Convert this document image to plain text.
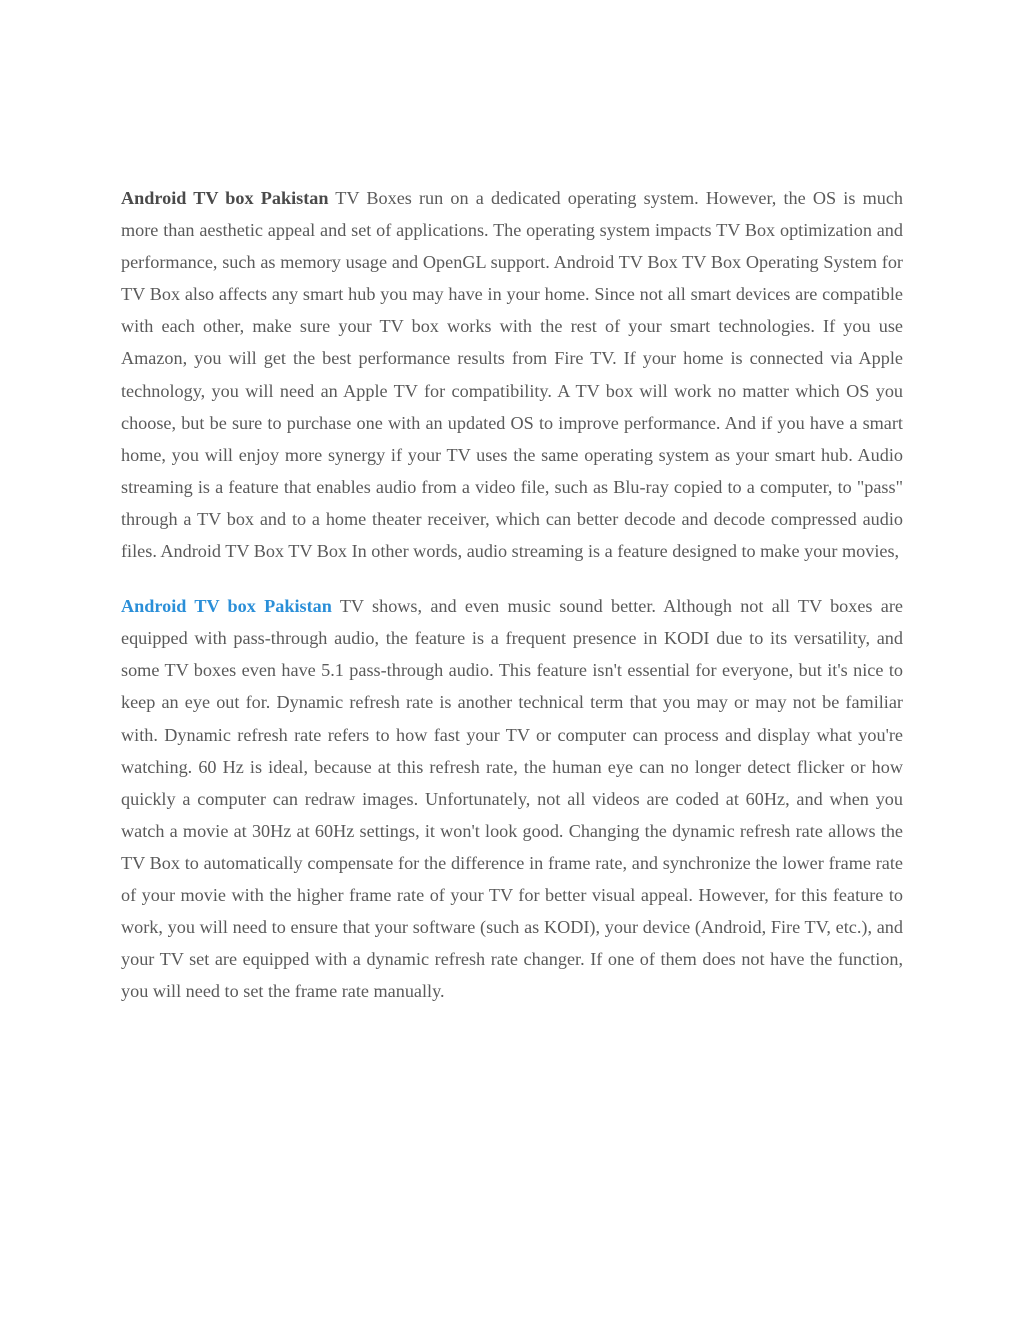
Android TV box Pakistan TV Boxes run on a dedicated operating system. However, the OS is much more than aesthetic appeal and set of applications. The operating system impacts TV Box optimization and performance, such as memory usage and OpenGL support. Android TV Box TV Box Operating System for TV Box also affects any smart hub you may have in your home. Since not all smart devices are compatible with each other, make sure your TV box works with the rest of your smart technologies. If you use Amazon, you will get the best performance results from Fire TV. If your home is connected via Apple technology, you will need an Apple TV for compatibility. A TV box will work no matter which OS you choose, but be sure to purchase one with an updated OS to improve performance. And if you have a smart home, you will enjoy more synergy if your TV uses the same operating system as your smart hub. Audio streaming is a feature that enables audio from a video file, such as Blu-ray copied to a computer, to "pass" through a TV box and to a home theater receiver, which can better decode and decode compressed audio files. Android TV Box TV Box In other words, audio streaming is a feature designed to make your movies,

Android TV box Pakistan TV shows, and even music sound better. Although not all TV boxes are equipped with pass-through audio, the feature is a frequent presence in KODI due to its versatility, and some TV boxes even have 5.1 pass-through audio. This feature isn't essential for everyone, but it's nice to keep an eye out for. Dynamic refresh rate is another technical term that you may or may not be familiar with. Dynamic refresh rate refers to how fast your TV or computer can process and display what you're watching. 60 Hz is ideal, because at this refresh rate, the human eye can no longer detect flicker or how quickly a computer can redraw images. Unfortunately, not all videos are coded at 60Hz, and when you watch a movie at 30Hz at 60Hz settings, it won't look good. Changing the dynamic refresh rate allows the TV Box to automatically compensate for the difference in frame rate, and synchronize the lower frame rate of your movie with the higher frame rate of your TV for better visual appeal. However, for this feature to work, you will need to ensure that your software (such as KODI), your device (Android, Fire TV, etc.), and your TV set are equipped with a dynamic refresh rate changer. If one of them does not have the function, you will need to set the frame rate manually.
